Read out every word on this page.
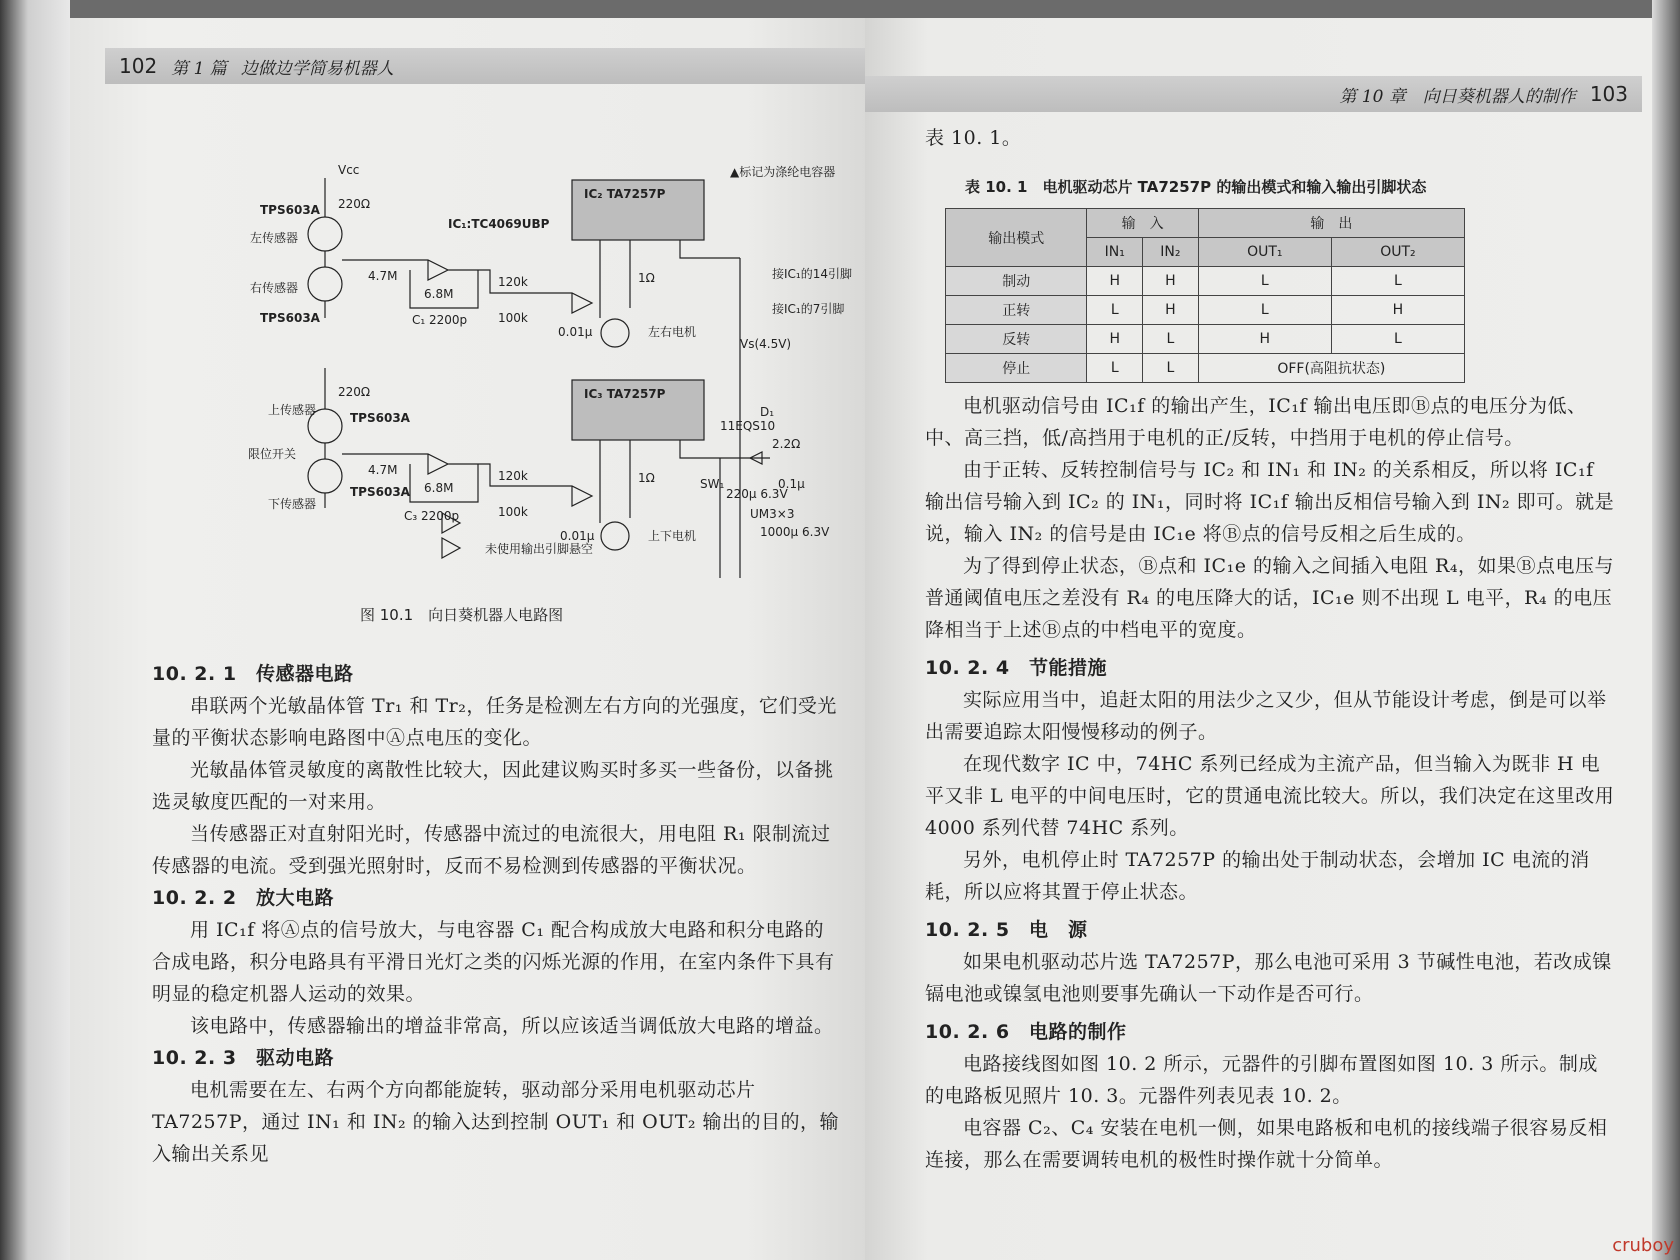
102 第 1 篇 边做边学简易机器人
IC₂ TA7257P
IC₃ TA7257P
IC₁:TC4069UBP
▲标记为涤纶电容器
左传感器
右传感器
上传感器
下传感器
TPS603A
TPS603A
TPS603A
TPS603A
限位开关
左右电机
上下电机
未使用输出引脚悬空
接IC₁的14引脚
接IC₁的7引脚
Vs(4.5V)
D₁
11EQS10
UM3×3
SW₁
220Ω
4.7M
6.8M
C₁ 2200p
120k
100k
1Ω
0.01μ
220Ω
4.7M
6.8M
C₃ 2200p
120k
100k
1Ω
0.01μ
2.2Ω
220μ 6.3V
1000μ 6.3V
0.1μ
Vcc
图 10.1　向日葵机器人电路图
10. 2. 1　传感器电路

串联两个光敏晶体管 Tr₁ 和 Tr₂，任务是检测左右方向的光强度，它们受光量的平衡状态影响电路图中Ⓐ点电压的变化。

光敏晶体管灵敏度的离散性比较大，因此建议购买时多买一些备份，以备挑选灵敏度匹配的一对来用。

当传感器正对直射阳光时，传感器中流过的电流很大，用电阻 R₁ 限制流过传感器的电流。受到强光照射时，反而不易检测到传感器的平衡状况。

10. 2. 2　放大电路

用 IC₁f 将Ⓐ点的信号放大，与电容器 C₁ 配合构成放大电路和积分电路的合成电路，积分电路具有平滑日光灯之类的闪烁光源的作用，在室内条件下具有明显的稳定机器人运动的效果。

该电路中，传感器输出的增益非常高，所以应该适当调低放大电路的增益。

10. 2. 3　驱动电路

电机需要在左、右两个方向都能旋转，驱动部分采用电机驱动芯片 TA7257P，通过 IN₁ 和 IN₂ 的输入达到控制 OUT₁ 和 OUT₂ 输出的目的，输入输出关系见

第 10 章　向日葵机器人的制作 103
表 10. 1。
表 10. 1　电机驱动芯片 TA7257P 的输出模式和输入输出引脚状态
输出模式	输　入		输　出	
	IN₁	IN₂	OUT₁	OUT₂
制动	H	H	L	L
正转	L	H	L	H
反转	H	L	H	L
停止	L	L	OFF(高阻抗状态)	

电机驱动信号由 IC₁f 的输出产生，IC₁f 输出电压即Ⓑ点的电压分为低、中、高三挡，低/高挡用于电机的正/反转，中挡用于电机的停止信号。

由于正转、反转控制信号与 IC₂ 和 IN₁ 和 IN₂ 的关系相反，所以将 IC₁f 输出信号输入到 IC₂ 的 IN₁，同时将 IC₁f 输出反相信号输入到 IN₂ 即可。就是说，输入 IN₂ 的信号是由 IC₁e 将Ⓑ点的信号反相之后生成的。

为了得到停止状态，Ⓑ点和 IC₁e 的输入之间插入电阻 R₄，如果Ⓑ点电压与普通阈值电压之差没有 R₄ 的电压降大的话，IC₁e 则不出现 L 电平，R₄ 的电压降相当于上述Ⓑ点的中档电平的宽度。

10. 2. 4　节能措施

实际应用当中，追赶太阳的用法少之又少，但从节能设计考虑，倒是可以举出需要追踪太阳慢慢移动的例子。

在现代数字 IC 中，74HC 系列已经成为主流产品，但当输入为既非 H 电平又非 L 电平的中间电压时，它的贯通电流比较大。所以，我们决定在这里改用 4000 系列代替 74HC 系列。

另外，电机停止时 TA7257P 的输出处于制动状态，会增加 IC 电流的消耗，所以应将其置于停止状态。

10. 2. 5　电　源

如果电机驱动芯片选 TA7257P，那么电池可采用 3 节碱性电池，若改成镍镉电池或镍氢电池则要事先确认一下动作是否可行。

10. 2. 6　电路的制作

电路接线图如图 10. 2 所示，元器件的引脚布置图如图 10. 3 所示。制成的电路板见照片 10. 3。元器件列表见表 10. 2。

电容器 C₂、C₄ 安装在电机一侧，如果电路板和电机的接线端子很容易反相连接，那么在需要调转电机的极性时操作就十分简单。

cruboy
